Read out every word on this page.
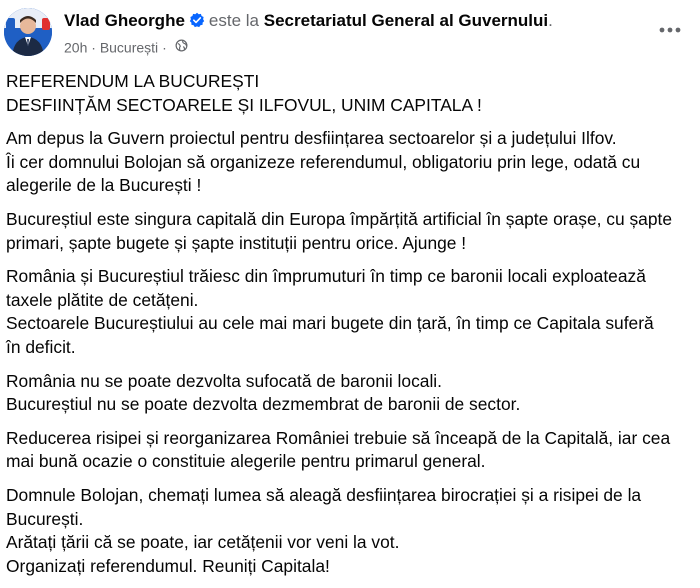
Vlad Gheorghe este la Secretariatul General al Guvernului.
20h · București ·

REFERENDUM LA BUCUREȘTI
DESFIINȚĂM SECTOARELE ȘI ILFOVUL, UNIM CAPITALA !

Am depus la Guvern proiectul pentru desființarea sectoarelor și a județului Ilfov.
Îi cer domnului Bolojan să organizeze referendumul, obligatoriu prin lege, odată cu
alegerile de la București !

Bucureștiul este singura capitală din Europa împărțită artificial în șapte orașe, cu șapte
primari, șapte bugete și șapte instituții pentru orice. Ajunge !

România și Bucureștiul trăiesc din împrumuturi în timp ce baronii locali exploatează
taxele plătite de cetățeni.
Sectoarele Bucureștiului au cele mai mari bugete din țară, în timp ce Capitala suferă
în deficit.

România nu se poate dezvolta sufocată de baronii locali.
Bucureștiul nu se poate dezvolta dezmembrat de baronii de sector.

Reducerea risipei și reorganizarea României trebuie să înceapă de la Capitală, iar cea
mai bună ocazie o constituie alegerile pentru primarul general.

Domnule Bolojan, chemați lumea să aleagă desființarea birocrației și a risipei de la
București.
Arătați țării că se poate, iar cetățenii vor veni la vot.
Organizați referendumul. Reuniți Capitala!
